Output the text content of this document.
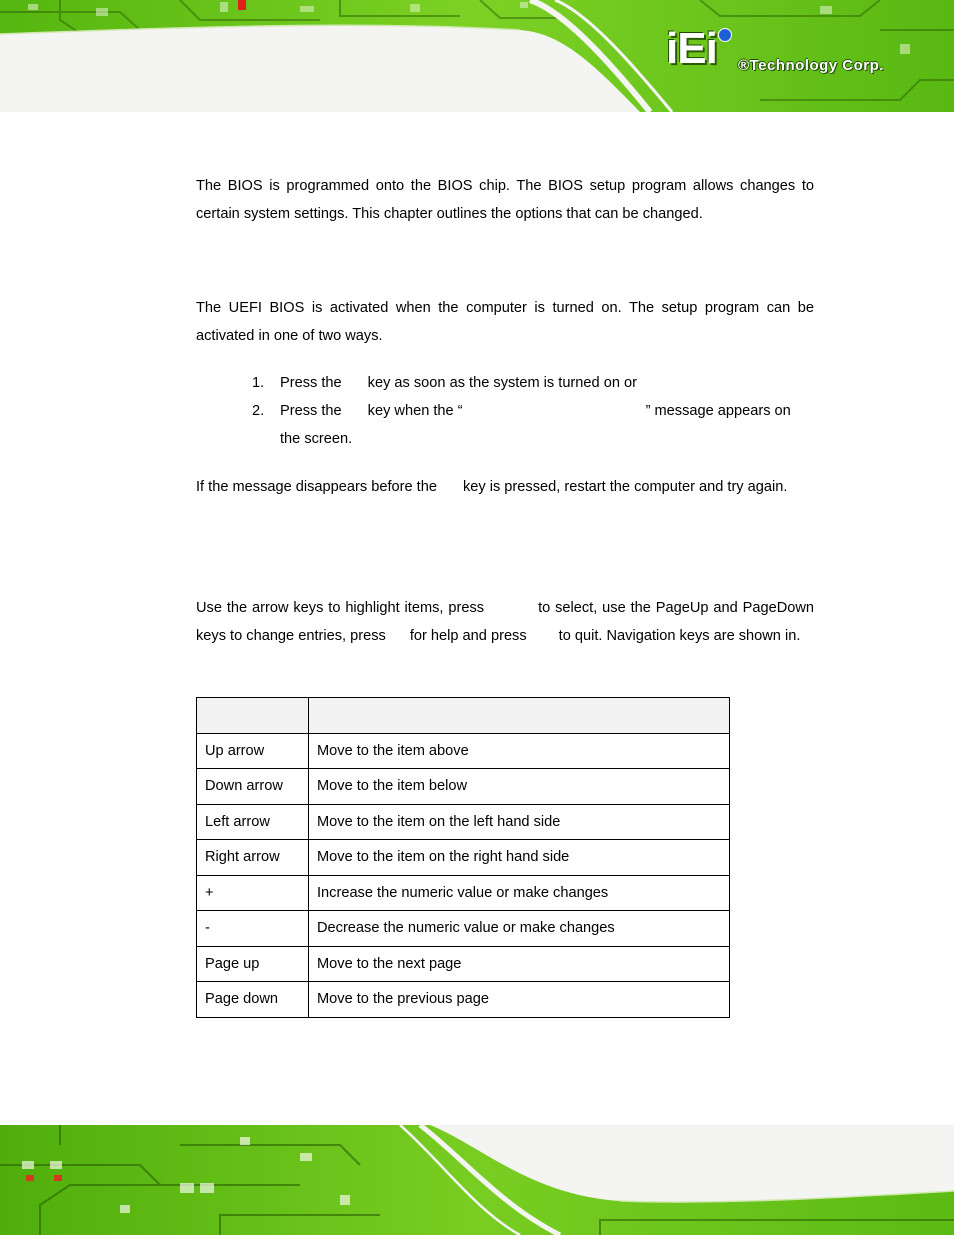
iEi ®Technology Corp.

The BIOS is programmed onto the BIOS chip. The BIOS setup program allows changes to certain system settings. This chapter outlines the options that can be changed.

The UEFI BIOS is activated when the computer is turned on. The setup program can be activated in one of two ways.

1. Press the key as soon as the system is turned on or
2. Press the key when the “	” message appears on
the screen.

If the message disappears before the key is pressed, restart the computer and try again.

Use the arrow keys to highlight items, press	to select, use the PageUp and PageDown keys to change entries, press for help and press to quit. Navigation keys are shown in.

Up arrow	Move to the item above
Down arrow	Move to the item below
Left arrow	Move to the item on the left hand side
Right arrow	Move to the item on the right hand side
+	Increase the numeric value or make changes
-	Decrease the numeric value or make changes
Page up	Move to the next page
Page down	Move to the previous page
